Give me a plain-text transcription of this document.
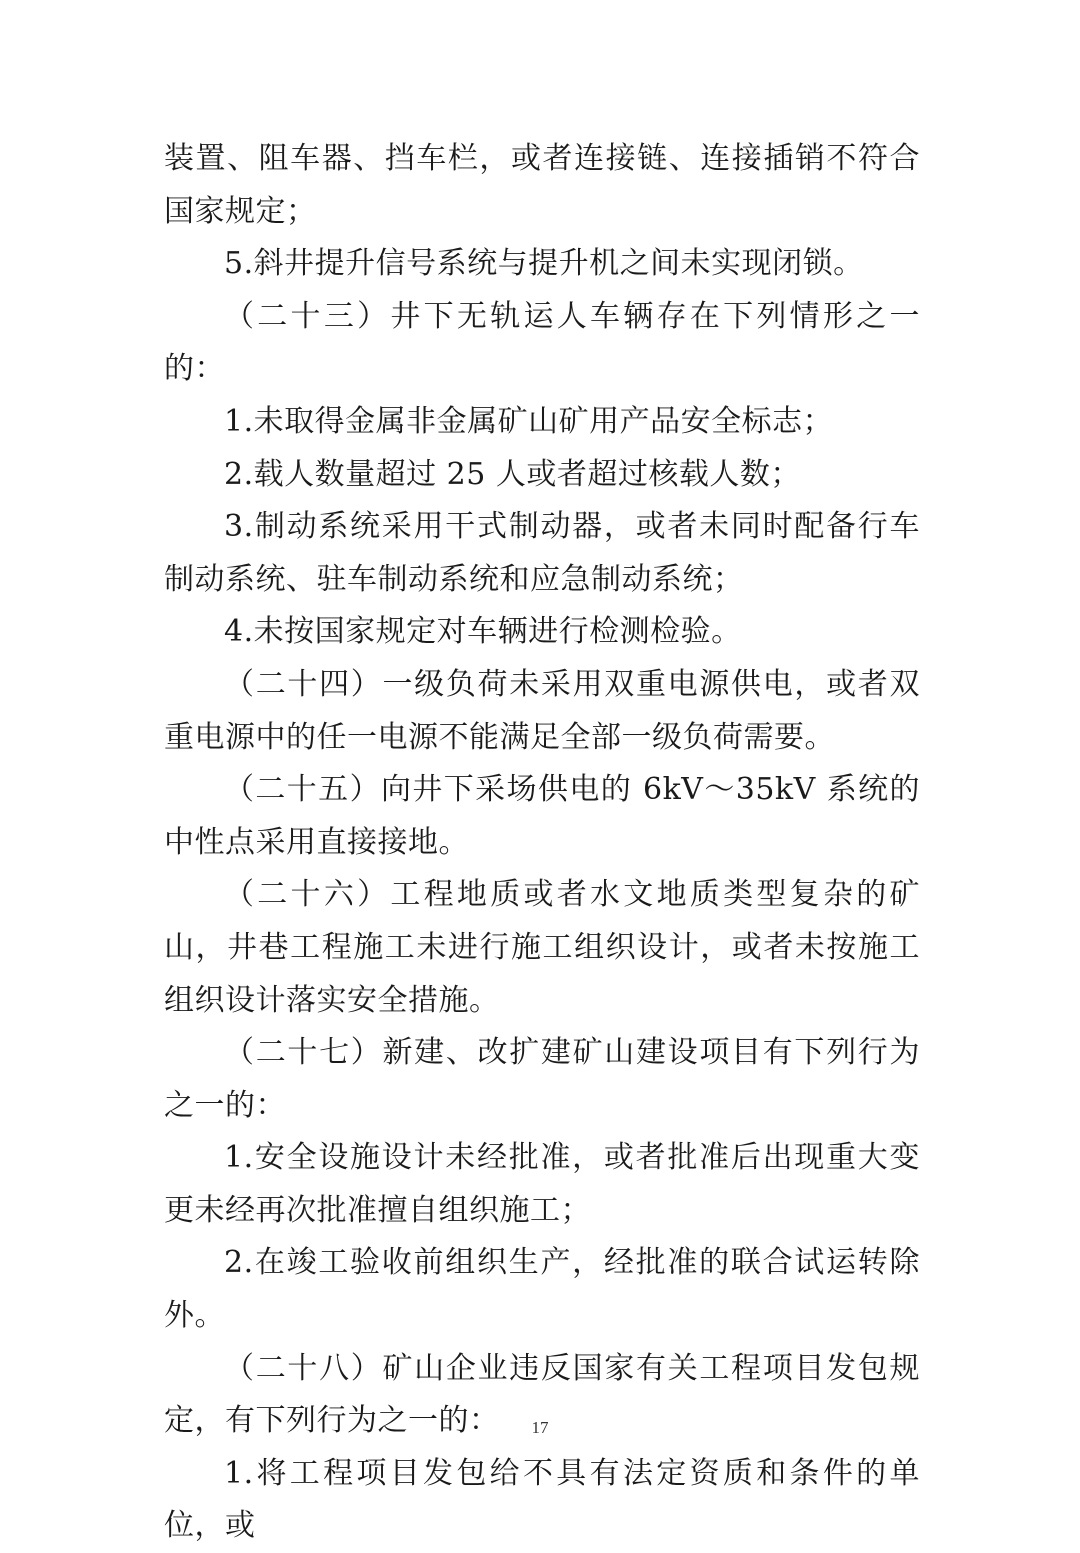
装置、阻车器、挡车栏，或者连接链、连接插销不符合国家规定；

5.斜井提升信号系统与提升机之间未实现闭锁。

（二十三）井下无轨运人车辆存在下列情形之一的：

1.未取得金属非金属矿山矿用产品安全标志；

2.载人数量超过 25 人或者超过核载人数；

3.制动系统采用干式制动器，或者未同时配备行车制动系统、驻车制动系统和应急制动系统；

4.未按国家规定对车辆进行检测检验。

（二十四）一级负荷未采用双重电源供电，或者双重电源中的任一电源不能满足全部一级负荷需要。

（二十五）向井下采场供电的 6kV～35kV 系统的中性点采用直接接地。

（二十六）工程地质或者水文地质类型复杂的矿山，井巷工程施工未进行施工组织设计，或者未按施工组织设计落实安全措施。

（二十七）新建、改扩建矿山建设项目有下列行为之一的：

1.安全设施设计未经批准，或者批准后出现重大变更未经再次批准擅自组织施工；

2.在竣工验收前组织生产，经批准的联合试运转除外。

（二十八）矿山企业违反国家有关工程项目发包规定，有下列行为之一的：

1.将工程项目发包给不具有法定资质和条件的单位，或

17
